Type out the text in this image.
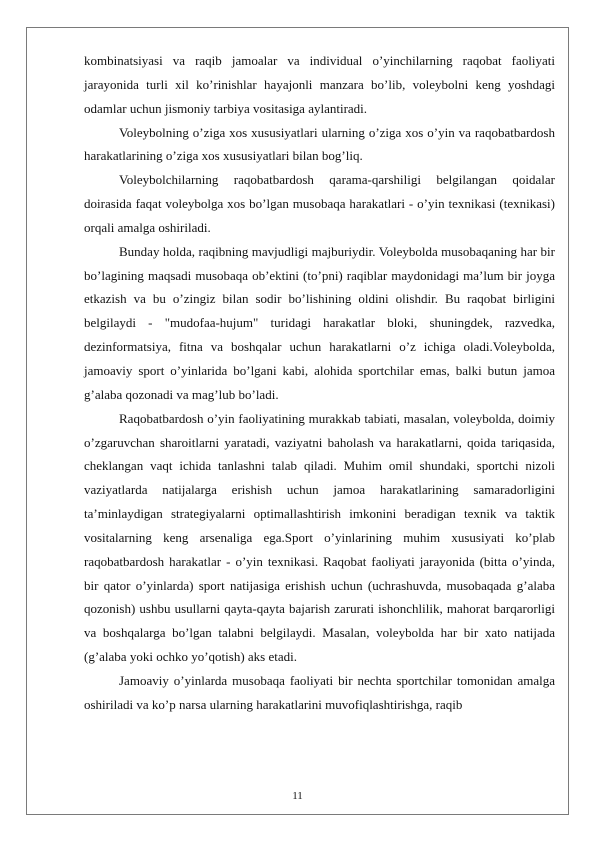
kombinatsiyasi va raqib jamoalar va individual o’yinchilarning raqobat faoliyati jarayonida turli xil ko’rinishlar hayajonli manzara bo’lib, voleybolni keng yoshdagi odamlar uchun jismoniy tarbiya vositasiga aylantiradi.

Voleybolning o’ziga xos xususiyatlari ularning o’ziga xos o’yin va raqobatbardosh harakatlarining o’ziga xos xususiyatlari bilan bog’liq.

Voleybolchilarning raqobatbardosh qarama-qarshiligi belgilangan qoidalar doirasida faqat voleybolga xos bo’lgan musobaqa harakatlari - o’yin texnikasi (texnikasi) orqali amalga oshiriladi.

Bunday holda, raqibning mavjudligi majburiydir. Voleybolda musobaqaning har bir bo’lagining maqsadi musobaqa ob’ektini (to’pni) raqiblar maydonidagi ma’lum bir joyga etkazish va bu o’zingiz bilan sodir bo’lishining oldini olishdir. Bu raqobat birligini belgilaydi - "mudofaa-hujum" turidagi harakatlar bloki, shuningdek, razvedka, dezinformatsiya, fitna va boshqalar uchun harakatlarni o’z ichiga oladi.Voleybolda, jamoaviy sport o’yinlarida bo’lgani kabi, alohida sportchilar emas, balki butun jamoa g’alaba qozonadi va mag’lub bo’ladi.

Raqobatbardosh o’yin faoliyatining murakkab tabiati, masalan, voleybolda, doimiy o’zgaruvchan sharoitlarni yaratadi, vaziyatni baholash va harakatlarni, qoida tariqasida, cheklangan vaqt ichida tanlashni talab qiladi. Muhim omil shundaki, sportchi nizoli vaziyatlarda natijalarga erishish uchun jamoa harakatlarining samaradorligini ta’minlaydigan strategiyalarni optimallashtirish imkonini beradigan texnik va taktik vositalarning keng arsenaliga ega.Sport o’yinlarining muhim xususiyati ko’plab raqobatbardosh harakatlar - o’yin texnikasi. Raqobat faoliyati jarayonida (bitta o’yinda, bir qator o’yinlarda) sport natijasiga erishish uchun (uchrashuvda, musobaqada g’alaba qozonish) ushbu usullarni qayta-qayta bajarish zarurati ishonchlilik, mahorat barqarorligi va boshqalarga bo’lgan talabni belgilaydi. Masalan, voleybolda har bir xato natijada (g’alaba yoki ochko yo’qotish) aks etadi.

Jamoaviy o’yinlarda musobaqa faoliyati bir nechta sportchilar tomonidan amalga oshiriladi va ko’p narsa ularning harakatlarini muvofiqlashtirishga, raqib

11
